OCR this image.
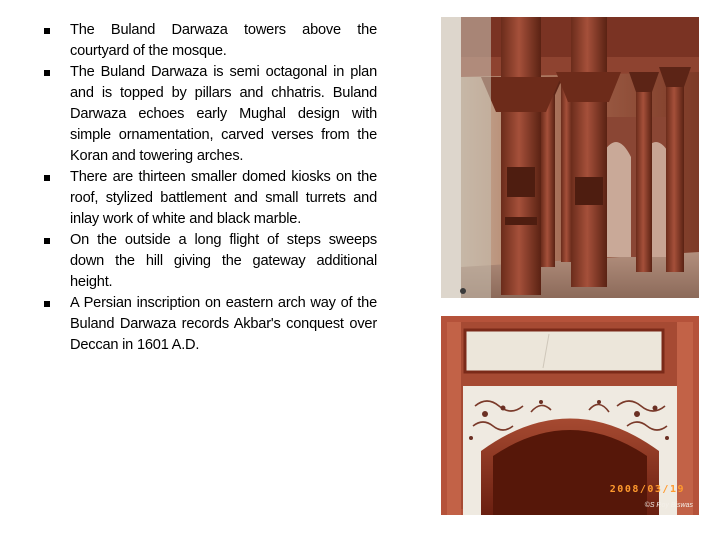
The Buland Darwaza towers above the courtyard of the mosque.
The Buland Darwaza is semi octagonal in plan and is topped by pillars and chhatris. Buland Darwaza echoes early Mughal design with simple ornamentation, carved verses from the Koran and towering arches.
There are thirteen smaller domed kiosks on the roof, stylized battlement and small turrets and inlay work of white and black marble.
On the outside a long flight of steps sweeps down the hill giving the gateway additional height.
A Persian inscription on eastern arch way of the Buland Darwaza records Akbar's conquest over Deccan in 1601 A.D.
2008/03/19
©S Roy Biswas
